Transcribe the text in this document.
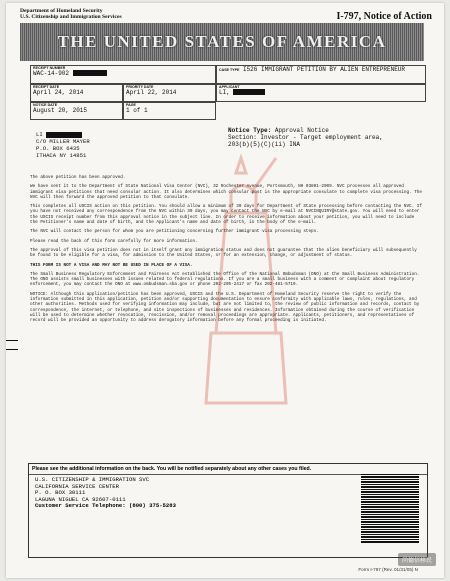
Department of Homeland Security
U.S. Citizenship and Immigration Services	I-797, Notice of Action
THE UNITED STATES OF AMERICA
RECEIPT NUMBER
WAC-14-902	CASE TYPE I526 IMMIGRANT PETITION BY ALIEN ENTREPRENEUR
RECEIPT DATE
April 24, 2014
PRIORITY DATE
April 22, 2014
APPLICANT
LI,
NOTICE DATE
August 20, 2015
PAGE
1 of 1
LI
C/O MILLER MAYER
P.O. BOX 6435
ITHACA NY 14851
Notice Type: Approval Notice
Section: Investor - Target employment area,
203(b)(5)(C)(ii) INA

The above petition has been approved.

We have sent it to the Department of State National Visa Center (NVC), 32 Rochester Avenue, Portsmouth, NH 03801-2909. NVC processes all approved immigrant visa petitions that need consular action. It also determines which consular post is the appropriate consulate to complete visa processing. The NVC will then forward the approved petition to that consulate.

This completes all USCIS action on this petition. You should allow a minimum of 30 days for Department of State processing before contacting the NVC. If you have not received any correspondence from the NVC within 30 days, you may contact the NVC by e-mail at NVCINQUIRY@state.gov. You will need to enter the USCIS receipt number from this approval notice in the subject line. In order to receive information about your petition, you will need to include the Petitioner's name and date of birth, and the Applicant's name and date of birth, in the body of the e-mail.

The NVC will contact the person for whom you are petitioning concerning further immigrant visa processing steps.

Please read the back of this form carefully for more information.

The approval of this visa petition does not in itself grant any immigration status and does not guarantee that the alien beneficiary will subsequently be found to be eligible for a visa, for admission to the United States, or for an extension, change, or adjustment of status.

THIS FORM IS NOT A VISA AND MAY NOT BE USED IN PLACE OF A VISA.

The Small Business Regulatory Enforcement and Fairness Act established the Office of the National Ombudsman (ONO) at the Small Business Administration. The ONO assists small businesses with issues related to federal regulations. If you are a small business with a comment or complaint about regulatory enforcement, you may contact the ONO at www.ombudsman.sba.gov or phone 202-205-2417 or fax 202-481-5719.

NOTICE: Although this application/petition has been approved, USCIS and the U.S. Department of Homeland Security reserve the right to verify the information submitted in this application, petition and/or supporting documentation to ensure conformity with applicable laws, rules, regulations, and other authorities. Methods used for verifying information may include, but are not limited to, the review of public information and records, contact by correspondence, the internet, or telephone, and site inspections of businesses and residences. Information obtained during the course of verification will be used to determine whether revocation, rescission, and/or removal proceedings are appropriate. Applicants, petitioners, and representatives of record will be provided an opportunity to address derogatory information before any formal proceeding is initiated.

Please see the additional information on the back. You will be notified separately about any other cases you filed.
U.S. CITIZENSHIP & IMMIGRATION SVC
CALIFORNIA SERVICE CENTER
P. O. BOX 30111
LAGUNA NIGUEL CA 92607-0111
Customer Service Telephone: (800) 375-5283
Form I-797 (Rev. 01/31/05) N
尚德信移民
